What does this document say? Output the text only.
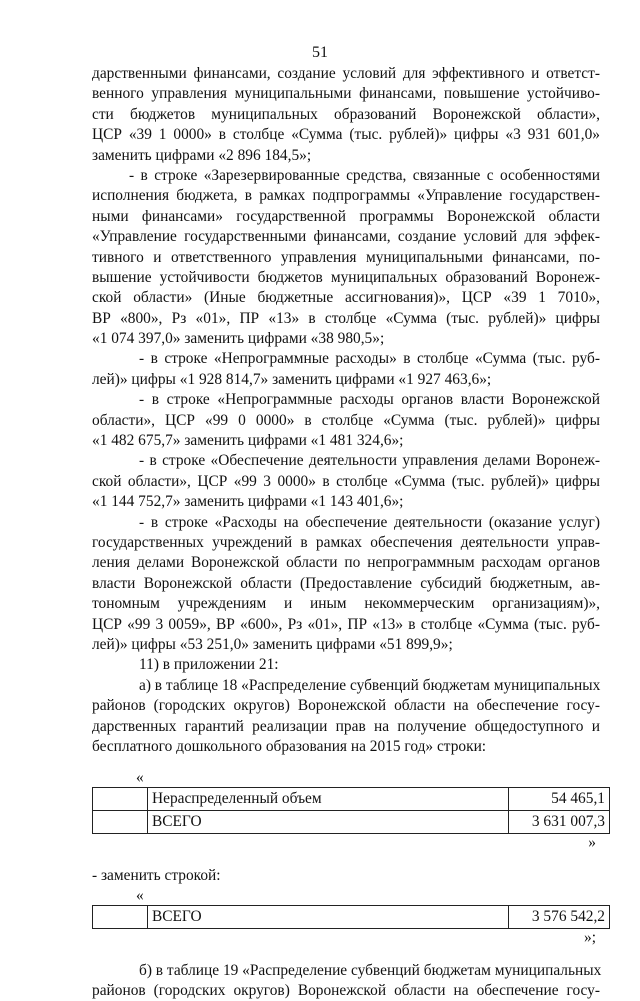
51
дарственными финансами, создание условий для эффективного и ответст-
венного управления муниципальными финансами, повышение устойчиво-
сти бюджетов муниципальных образований Воронежской области»,
ЦСР «39 1 0000» в столбце «Сумма (тыс. рублей)» цифры «3 931 601,0»
заменить цифрами «2 896 184,5»;
- в строке «Зарезервированные средства, связанные с особенностями
исполнения бюджета, в рамках подпрограммы «Управление государствен-
ными финансами» государственной программы Воронежской области
«Управление государственными финансами, создание условий для эффек-
тивного и ответственного управления муниципальными финансами, по-
вышение устойчивости бюджетов муниципальных образований Воронеж-
ской области» (Иные бюджетные ассигнования)», ЦСР «39 1 7010»,
ВР «800», Рз «01», ПР «13» в столбце «Сумма (тыс. рублей)» цифры
«1 074 397,0» заменить цифрами «38 980,5»;
- в строке «Непрограммные расходы» в столбце «Сумма (тыс. руб-
лей)» цифры «1 928 814,7» заменить цифрами «1 927 463,6»;
- в строке «Непрограммные расходы органов власти Воронежской
области», ЦСР «99 0 0000» в столбце «Сумма (тыс. рублей)» цифры
«1 482 675,7» заменить цифрами «1 481 324,6»;
- в строке «Обеспечение деятельности управления делами Воронеж-
ской области», ЦСР «99 3 0000» в столбце «Сумма (тыс. рублей)» цифры
«1 144 752,7» заменить цифрами «1 143 401,6»;
- в строке «Расходы на обеспечение деятельности (оказание услуг)
государственных учреждений в рамках обеспечения деятельности управ-
ления делами Воронежской области по непрограммным расходам органов
власти Воронежской области (Предоставление субсидий бюджетным, ав-
тономным учреждениям и иным некоммерческим организациям)»,
ЦСР «99 3 0059», ВР «600», Рз «01», ПР «13» в столбце «Сумма (тыс. руб-
лей)» цифры «53 251,0» заменить цифрами «51 899,9»;
11) в приложении 21:
а) в таблице 18 «Распределение субвенций бюджетам муниципальных
районов (городских округов) Воронежской области на обеспечение госу-
дарственных гарантий реализации прав на получение общедоступного и
бесплатного дошкольного образования на 2015 год» строки:
«
	Нераспределенный объем	54 465,1
	ВСЕГО	3 631 007,3
»
- заменить строкой:
«
	ВСЕГО	3 576 542,2
»;
б) в таблице 19 «Распределение субвенций бюджетам муниципальных
районов (городских округов) Воронежской области на обеспечение госу-
